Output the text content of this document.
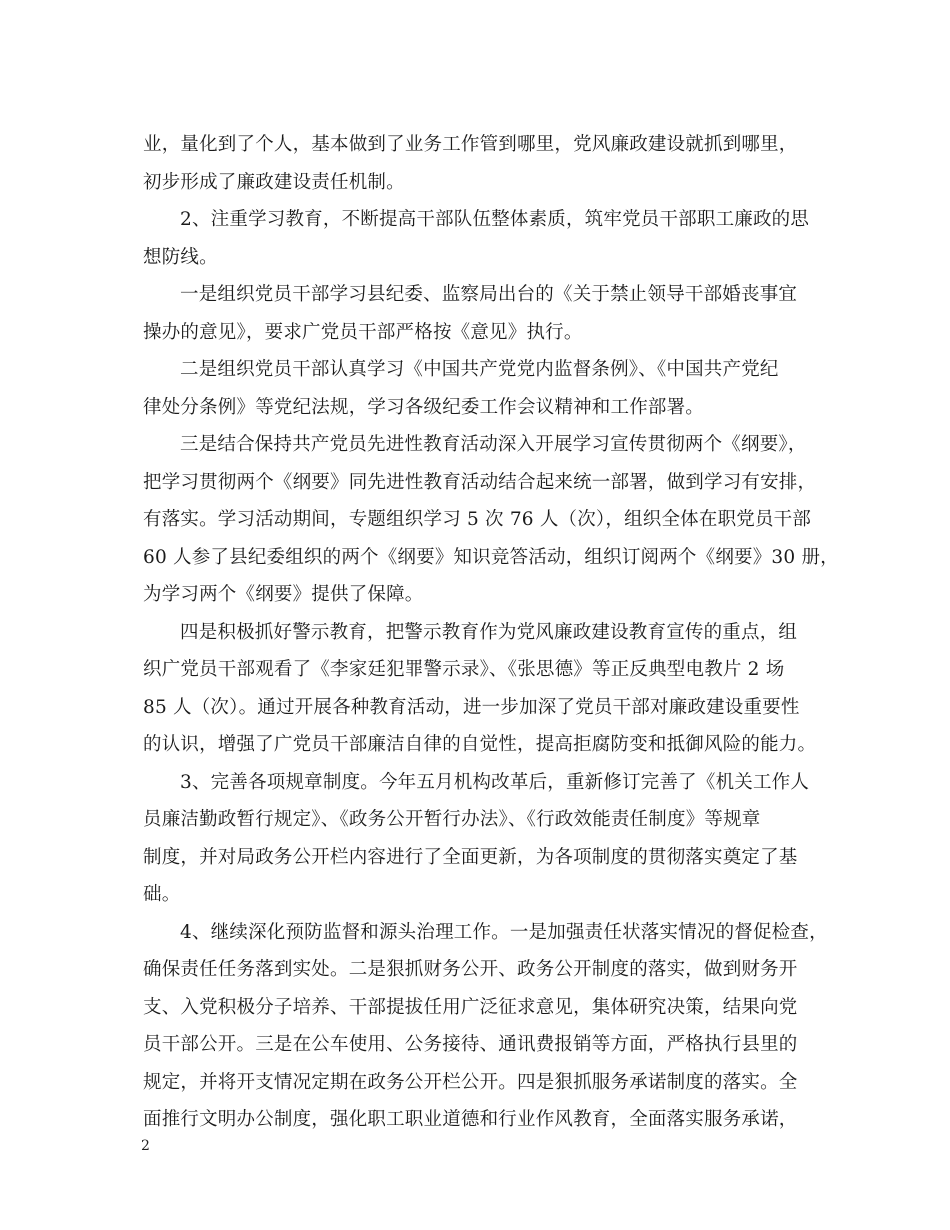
业，量化到了个人，基本做到了业务工作管到哪里，党风廉政建设就抓到哪里，
初步形成了廉政建设责任机制。

2、注重学习教育，不断提高干部队伍整体素质，筑牢党员干部职工廉政的思
想防线。

一是组织党员干部学习县纪委、监察局出台的《关于禁止领导干部婚丧事宜
操办的意见》，要求广党员干部严格按《意见》执行。

二是组织党员干部认真学习《中国共产党党内监督条例》、《中国共产党纪
律处分条例》等党纪法规，学习各级纪委工作会议精神和工作部署。

三是结合保持共产党员先进性教育活动深入开展学习宣传贯彻两个《纲要》，
把学习贯彻两个《纲要》同先进性教育活动结合起来统一部署，做到学习有安排，
有落实。学习活动期间，专题组织学习 5 次 76 人（次），组织全体在职党员干部
60 人参了县纪委组织的两个《纲要》知识竞答活动，组织订阅两个《纲要》30 册，
为学习两个《纲要》提供了保障。

四是积极抓好警示教育，把警示教育作为党风廉政建设教育宣传的重点，组
织广党员干部观看了《李家廷犯罪警示录》、《张思德》等正反典型电教片 2 场
85 人（次）。通过开展各种教育活动，进一步加深了党员干部对廉政建设重要性
的认识，增强了广党员干部廉洁自律的自觉性，提高拒腐防变和抵御风险的能力。

3、完善各项规章制度。今年五月机构改革后，重新修订完善了《机关工作人
员廉洁勤政暂行规定》、《政务公开暂行办法》、《行政效能责任制度》等规章
制度，并对局政务公开栏内容进行了全面更新，为各项制度的贯彻落实奠定了基
础。

4、继续深化预防监督和源头治理工作。一是加强责任状落实情况的督促检查，
确保责任任务落到实处。二是狠抓财务公开、政务公开制度的落实，做到财务开
支、入党积极分子培养、干部提拔任用广泛征求意见，集体研究决策，结果向党
员干部公开。三是在公车使用、公务接待、通讯费报销等方面，严格执行县里的
规定，并将开支情况定期在政务公开栏公开。四是狠抓服务承诺制度的落实。全
面推行文明办公制度，强化职工职业道德和行业作风教育，全面落实服务承诺，

2
